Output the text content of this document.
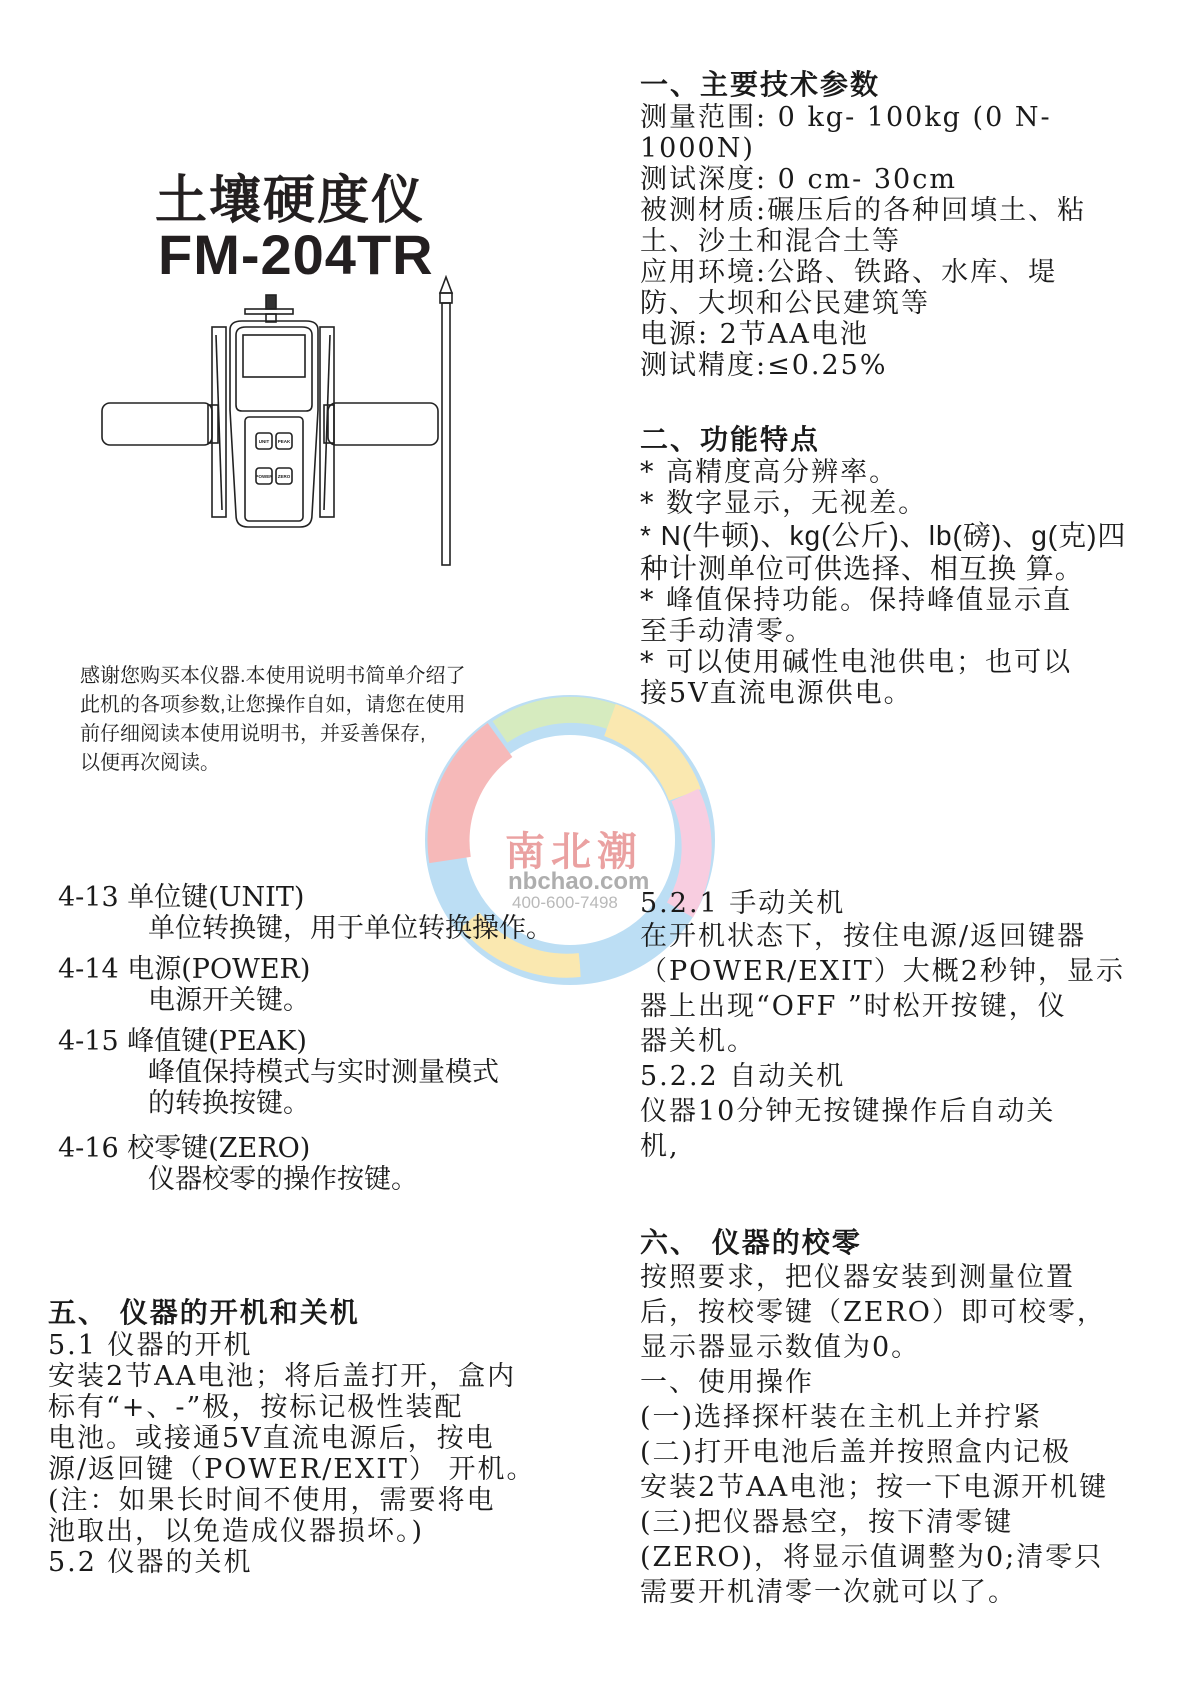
土壤硬度仪
FM-204TR
UNIT PEAK
POWER ZERO
感谢您购买本仪器.本使用说明书简单介绍了
此机的各项参数,让您操作自如，请您在使用
前仔细阅读本使用说明书，并妥善保存,
以便再次阅读。
南北潮
nbchao.com
400-600-7498
一、主要技术参数
测量范围: 0 kg- 100kg (0 N-
1000N)
测试深度: 0 cm- 30cm
被测材质:碾压后的各种回填土、粘
土、沙土和混合土等
应用环境:公路、铁路、水库、堤
防、大坝和公民建筑等
电源: 2节AA电池
测试精度:≤0.25%
二、功能特点
* 高精度高分辨率。
* 数字显示，无视差。
* N(牛顿)、kg(公斤)、lb(磅)、g(克)四
种计测单位可供选择、相互换 算。
* 峰值保持功能。保持峰值显示直
至手动清零。
* 可以使用碱性电池供电；也可以
接5V直流电源供电。
4-13 单位键(UNIT)
单位转换键，用于单位转换操作。
4-14 电源(POWER)
电源开关键。
4-15 峰值键(PEAK)
峰值保持模式与实时测量模式
的转换按键。
4-16 校零键(ZERO)
仪器校零的操作按键。
五、 仪器的开机和关机
5.1 仪器的开机
安装2节AA电池；将后盖打开，盒内
标有“+、-”极，按标记极性装配
电池。或接通5V直流电源后，按电
源/返回键（POWER/EXIT） 开机。
(注：如果长时间不使用，需要将电
池取出，以免造成仪器损坏。)
5.2 仪器的关机
5.2.1 手动关机
在开机状态下，按住电源/返回键器
（POWER/EXIT）大概2秒钟，显示
器上出现“OFF ”时松开按键，仪
器关机。
5.2.2 自动关机
仪器10分钟无按键操作后自动关
机,
六、 仪器的校零
按照要求，把仪器安装到测量位置
后，按校零键（ZERO）即可校零，
显示器显示数值为0。
一、使用操作
(一)选择探杆装在主机上并拧紧
(二)打开电池后盖并按照盒内记极
安装2节AA电池；按一下电源开机键
(三)把仪器悬空，按下清零键
(ZERO)，将显示值调整为0;清零只
需要开机清零一次就可以了。
